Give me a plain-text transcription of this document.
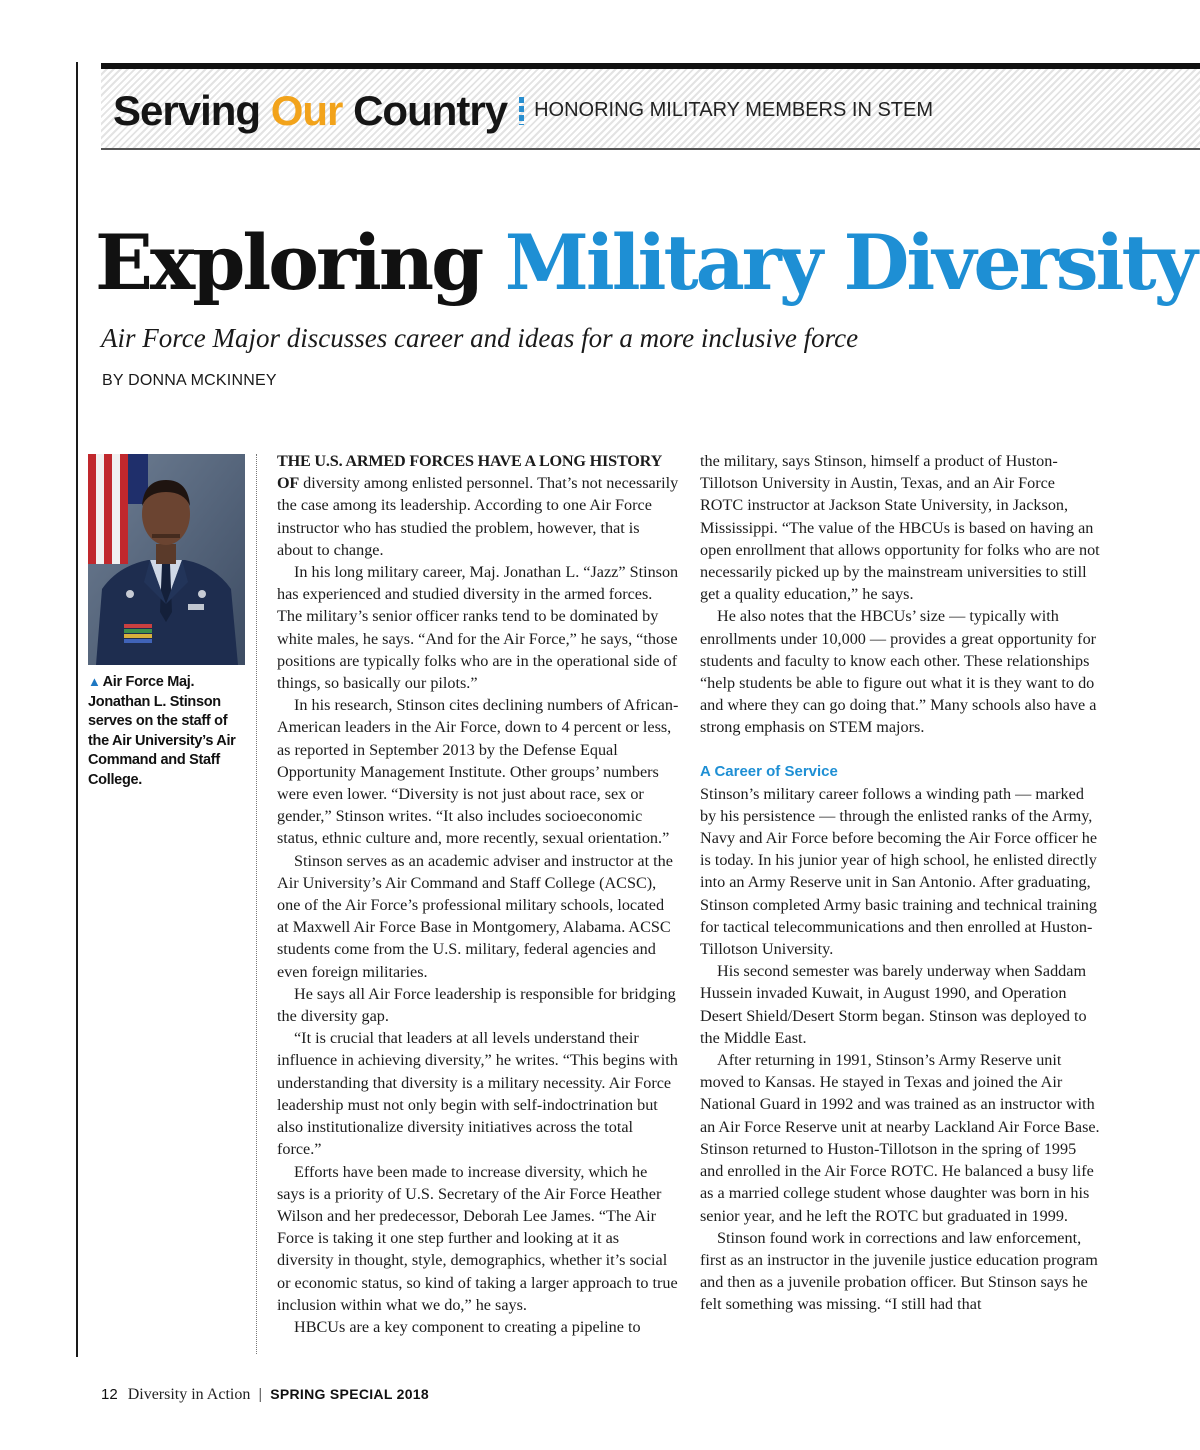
Serving Our Country HONORING MILITARY MEMBERS IN STEM
Exploring Military Diversity
Air Force Major discusses career and ideas for a more inclusive force
BY DONNA MCKINNEY
▲ Air Force Maj. Jonathan L. Stinson serves on the staff of the Air University’s Air Command and Staff College.

THE U.S. ARMED FORCES HAVE A LONG HISTORY OF diversity among enlisted personnel. That’s not necessarily the case among its leadership. According to one Air Force instructor who has studied the problem, however, that is about to change.

In his long military career, Maj. Jonathan L. “Jazz” Stinson has experienced and studied diversity in the armed forces. The military’s senior officer ranks tend to be dominated by white males, he says. “And for the Air Force,” he says, “those positions are typically folks who are in the operational side of things, so basically our pilots.”

In his research, Stinson cites declining numbers of African-American leaders in the Air Force, down to 4 percent or less, as reported in September 2013 by the Defense Equal Opportunity Management Institute. Other groups’ numbers were even lower. “Diversity is not just about race, sex or gender,” Stinson writes. “It also includes socioeconomic status, ethnic culture and, more recently, sexual orientation.”

Stinson serves as an academic adviser and instructor at the Air University’s Air Command and Staff College (ACSC), one of the Air Force’s professional military schools, located at Maxwell Air Force Base in Montgomery, Alabama. ACSC students come from the U.S. military, federal agencies and even foreign militaries.

He says all Air Force leadership is responsible for bridging the diversity gap.

“It is crucial that leaders at all levels understand their influence in achieving diversity,” he writes. “This begins with understanding that diversity is a military necessity. Air Force leadership must not only begin with self-indoctrination but also institutionalize diversity initiatives across the total force.”

Efforts have been made to increase diversity, which he says is a priority of U.S. Secretary of the Air Force Heather Wilson and her predecessor, Deborah Lee James. “The Air Force is taking it one step further and looking at it as diversity in thought, style, demographics, whether it’s social or economic status, so kind of taking a larger approach to true inclusion within what we do,” he says.

HBCUs are a key component to creating a pipeline to

the military, says Stinson, himself a product of Huston-Tillotson University in Austin, Texas, and an Air Force ROTC instructor at Jackson State University, in Jackson, Mississippi. “The value of the HBCUs is based on having an open enrollment that allows opportunity for folks who are not necessarily picked up by the mainstream universities to still get a quality education,” he says.

He also notes that the HBCUs’ size — typically with enrollments under 10,000 — provides a great opportunity for students and faculty to know each other. These relationships “help students be able to figure out what it is they want to do and where they can go doing that.” Many schools also have a strong emphasis on STEM majors.

A Career of Service

Stinson’s military career follows a winding path — marked by his persistence — through the enlisted ranks of the Army, Navy and Air Force before becoming the Air Force officer he is today. In his junior year of high school, he enlisted directly into an Army Reserve unit in San Antonio. After graduating, Stinson completed Army basic training and technical training for tactical telecommunications and then enrolled at Huston-Tillotson University.

His second semester was barely underway when Saddam Hussein invaded Kuwait, in August 1990, and Operation Desert Shield/Desert Storm began. Stinson was deployed to the Middle East.

After returning in 1991, Stinson’s Army Reserve unit moved to Kansas. He stayed in Texas and joined the Air National Guard in 1992 and was trained as an instructor with an Air Force Reserve unit at nearby Lackland Air Force Base. Stinson returned to Huston-Tillotson in the spring of 1995 and enrolled in the Air Force ROTC. He balanced a busy life as a married college student whose daughter was born in his senior year, and he left the ROTC but graduated in 1999.

Stinson found work in corrections and law enforcement, first as an instructor in the juvenile justice education program and then as a juvenile probation officer. But Stinson says he felt something was missing. “I still had that

12 Diversity in Action | SPRING SPECIAL 2018
